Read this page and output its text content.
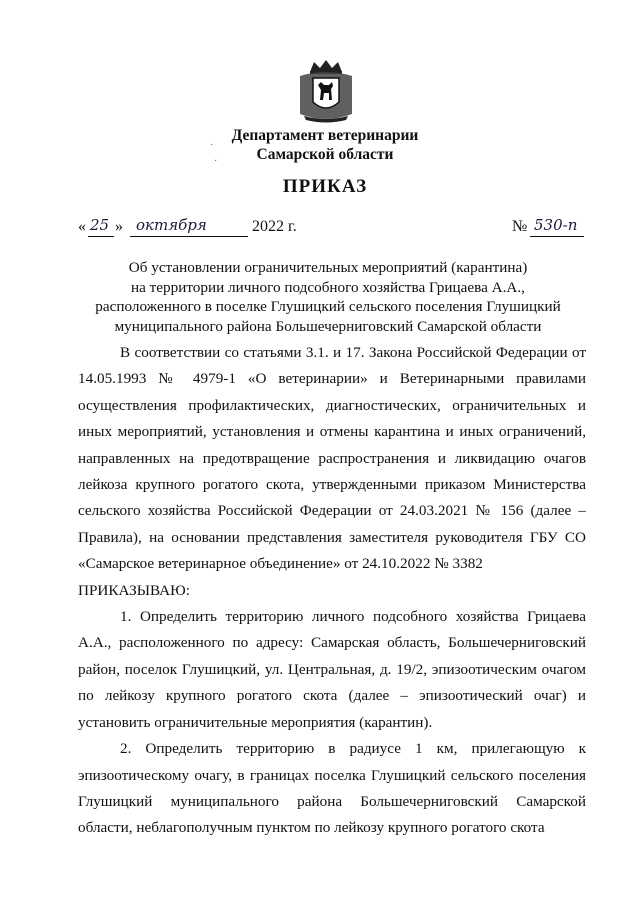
Департамент ветеринарии
Самарской области
ПРИКАЗ
« 25 » октября	2022 г.	№ 530-п
Об установлении ограничительных мероприятий (карантина)
на территории личного подсобного хозяйства Грицаева А.А.,
расположенного в поселке Глушицкий сельского поселения Глушицкий
муниципального района Большечерниговский Самарской области

В соответствии со статьями 3.1. и 17. Закона Российской Федерации от 14.05.1993 № 4979-1 «О ветеринарии» и Ветеринарными правилами осуществления профилактических, диагностических, ограничительных и иных мероприятий, установления и отмены карантина и иных ограничений, направленных на предотвращение распространения и ликвидацию очагов лейкоза крупного рогатого скота, утвержденными приказом Министерства сельского хозяйства Российской Федерации от 24.03.2021 № 156 (далее – Правила), на основании представления заместителя руководителя ГБУ СО «Самарское ветеринарное объединение» от 24.10.2022 № 3382

ПРИКАЗЫВАЮ:

1. Определить территорию личного подсобного хозяйства Грицаева А.А., расположенного по адресу: Самарская область, Большечерниговский район, поселок Глушицкий, ул. Центральная, д. 19/2, эпизоотическим очагом по лейкозу крупного рогатого скота (далее – эпизоотический очаг) и установить ограничительные мероприятия (карантин).

2. Определить территорию в радиусе 1 км, прилегающую к эпизоотическому очагу, в границах поселка Глушицкий сельского поселения Глушицкий муниципального района Большечерниговский Самарской области, неблагополучным пунктом по лейкозу крупного рогатого скота

·
·
